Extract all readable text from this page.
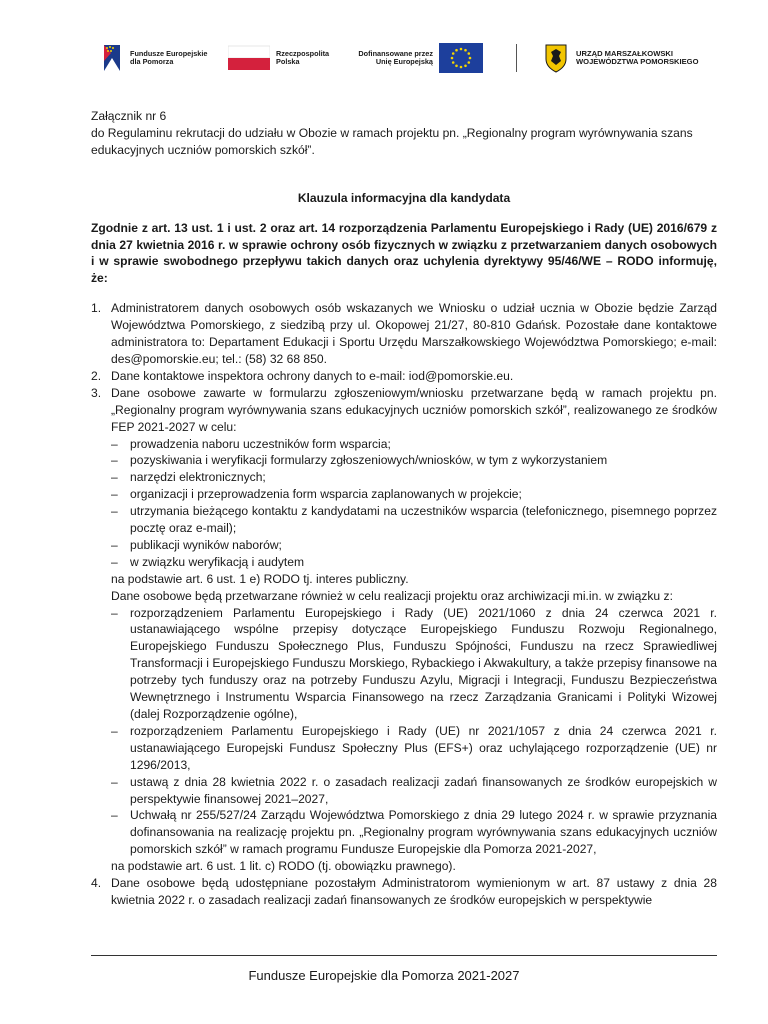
Fundusze Europejskie dla Pomorza
Rzeczpospolita Polska
Dofinansowane przez Unię Europejską
URZĄD MARSZAŁKOWSKI WOJEWÓDZTWA POMORSKIEGO

Załącznik nr 6

do Regulaminu rekrutacji do udziału w Obozie w ramach projektu pn. „Regionalny program wyrównywania szans edukacyjnych uczniów pomorskich szkół”.

Klauzula informacyjna dla kandydata

Zgodnie z art. 13 ust. 1 i ust. 2 oraz art. 14 rozporządzenia Parlamentu Europejskiego i Rady (UE) 2016/679 z dnia 27 kwietnia 2016 r. w sprawie ochrony osób fizycznych w związku z przetwarzaniem danych osobowych i w sprawie swobodnego przepływu takich danych oraz uchylenia dyrektywy 95/46/WE – RODO informuję, że:

1. Administratorem danych osobowych osób wskazanych we Wniosku o udział ucznia w Obozie będzie Zarząd Województwa Pomorskiego, z siedzibą przy ul. Okopowej 21/27, 80-810 Gdańsk. Pozostałe dane kontaktowe administratora to: Departament Edukacji i Sportu Urzędu Marszałkowskiego Województwa Pomorskiego; e-mail: des@pomorskie.eu; tel.: (58) 32 68 850.
2. Dane kontaktowe inspektora ochrony danych to e-mail: iod@pomorskie.eu.
3. Dane osobowe zawarte w formularzu zgłoszeniowym/wniosku przetwarzane będą w ramach projektu pn. „Regionalny program wyrównywania szans edukacyjnych uczniów pomorskich szkół”, realizowanego ze środków FEP 2021-2027 w celu:

– prowadzenia naboru uczestników form wsparcia;
– pozyskiwania i weryfikacji formularzy zgłoszeniowych/wniosków, w tym z wykorzystaniem
– narzędzi elektronicznych;
– organizacji i przeprowadzenia form wsparcia zaplanowanych w projekcie;
– utrzymania bieżącego kontaktu z kandydatami na uczestników wsparcia (telefonicznego, pisemnego poprzez pocztę oraz e-mail);
– publikacji wyników naborów;
– w związku weryfikacją i audytem

na podstawie art. 6 ust. 1 e) RODO tj. interes publiczny.

Dane osobowe będą przetwarzane również w celu realizacji projektu oraz archiwizacji mi.in. w związku z:

– rozporządzeniem Parlamentu Europejskiego i Rady (UE) 2021/1060 z dnia 24 czerwca 2021 r. ustanawiającego wspólne przepisy dotyczące Europejskiego Funduszu Rozwoju Regionalnego, Europejskiego Funduszu Społecznego Plus, Funduszu Spójności, Funduszu na rzecz Sprawiedliwej Transformacji i Europejskiego Funduszu Morskiego, Rybackiego i Akwakultury, a także przepisy finansowe na potrzeby tych funduszy oraz na potrzeby Funduszu Azylu, Migracji i Integracji, Funduszu Bezpieczeństwa Wewnętrznego i Instrumentu Wsparcia Finansowego na rzecz Zarządzania Granicami i Polityki Wizowej (dalej Rozporządzenie ogólne),
– rozporządzeniem Parlamentu Europejskiego i Rady (UE) nr 2021/1057 z dnia 24 czerwca 2021 r. ustanawiającego Europejski Fundusz Społeczny Plus (EFS+) oraz uchylającego rozporządzenie (UE) nr 1296/2013,
– ustawą z dnia 28 kwietnia 2022 r. o zasadach realizacji zadań finansowanych ze środków europejskich w perspektywie finansowej 2021–2027,
– Uchwałą nr 255/527/24 Zarządu Województwa Pomorskiego z dnia 29 lutego 2024 r. w sprawie przyznania dofinansowania na realizację projektu pn. „Regionalny program wyrównywania szans edukacyjnych uczniów pomorskich szkół” w ramach programu Fundusze Europejskie dla Pomorza 2021-2027,

na podstawie art. 6 ust. 1 lit. c) RODO (tj. obowiązku prawnego).

4. Dane osobowe będą udostępniane pozostałym Administratorom wymienionym w art. 87 ustawy z dnia 28 kwietnia 2022 r. o zasadach realizacji zadań finansowanych ze środków europejskich w perspektywie
Fundusze Europejskie dla Pomorza 2021-2027
